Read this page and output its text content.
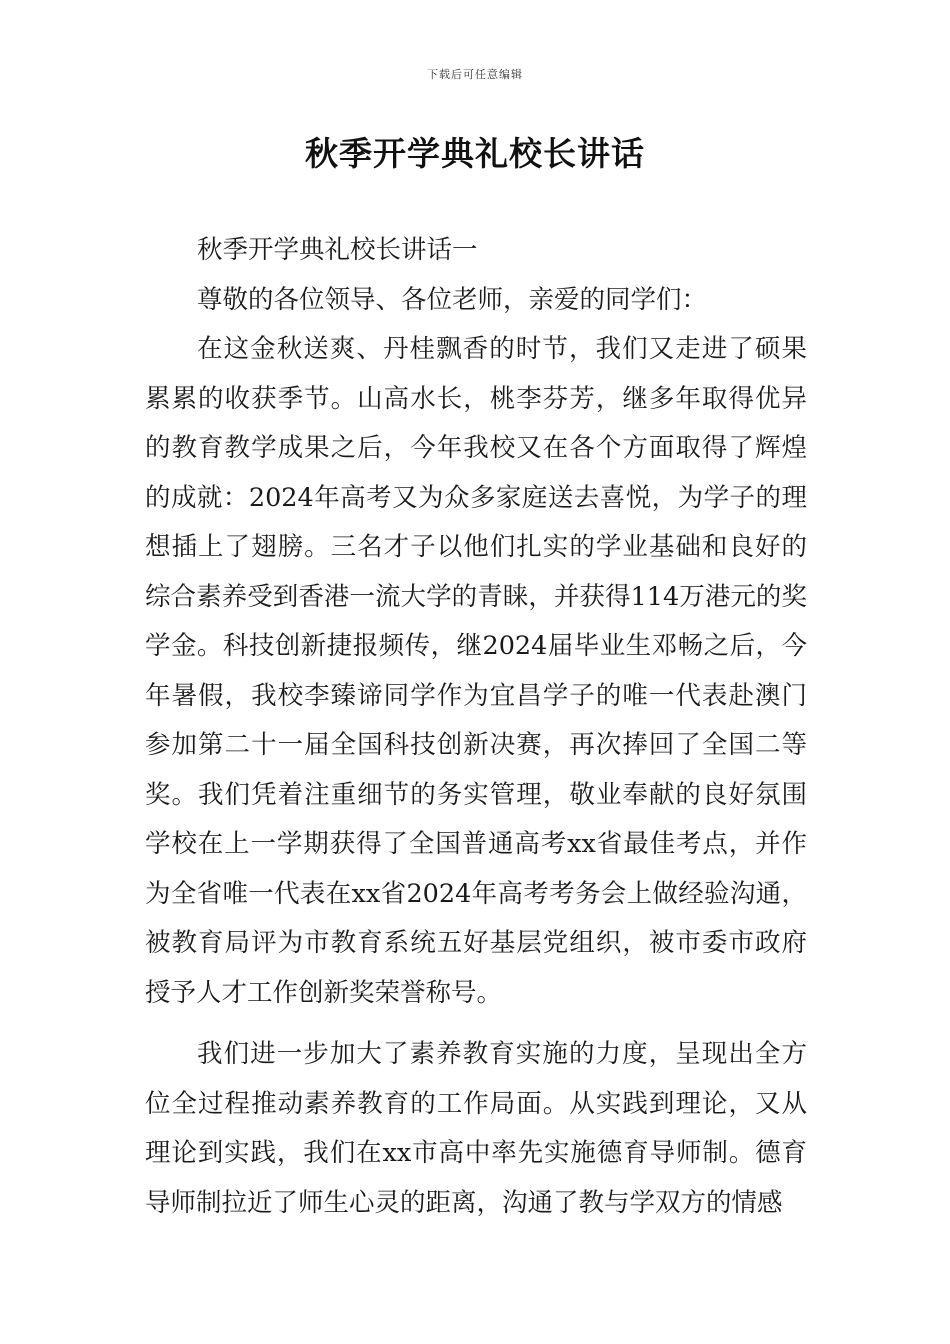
下载后可任意编辑
秋季开学典礼校长讲话

秋季开学典礼校长讲话一

尊敬的各位领导、各位老师，亲爱的同学们：

在这金秋送爽、丹桂飘香的时节，我们又走进了硕果累累的收获季节。山高水长，桃李芬芳，继多年取得优异的教育教学成果之后，今年我校又在各个方面取得了辉煌的成就：2024年高考又为众多家庭送去喜悦，为学子的理想插上了翅膀。三名才子以他们扎实的学业基础和良好的综合素养受到香港一流大学的青睐，并获得114万港元的奖学金。科技创新捷报频传，继2024届毕业生邓畅之后，今年暑假，我校李臻谛同学作为宜昌学子的唯一代表赴澳门参加第二十一届全国科技创新决赛，再次捧回了全国二等奖。我们凭着注重细节的务实管理，敬业奉献的良好氛围学校在上一学期获得了全国普通高考xx省最佳考点，并作为全省唯一代表在xx省2024年高考考务会上做经验沟通，被教育局评为市教育系统五好基层党组织，被市委市政府授予人才工作创新奖荣誉称号。

我们进一步加大了素养教育实施的力度，呈现出全方位全过程推动素养教育的工作局面。从实践到理论，又从理论到实践，我们在xx市高中率先实施德育导师制。德育导师制拉近了师生心灵的距离，沟通了教与学双方的情感
